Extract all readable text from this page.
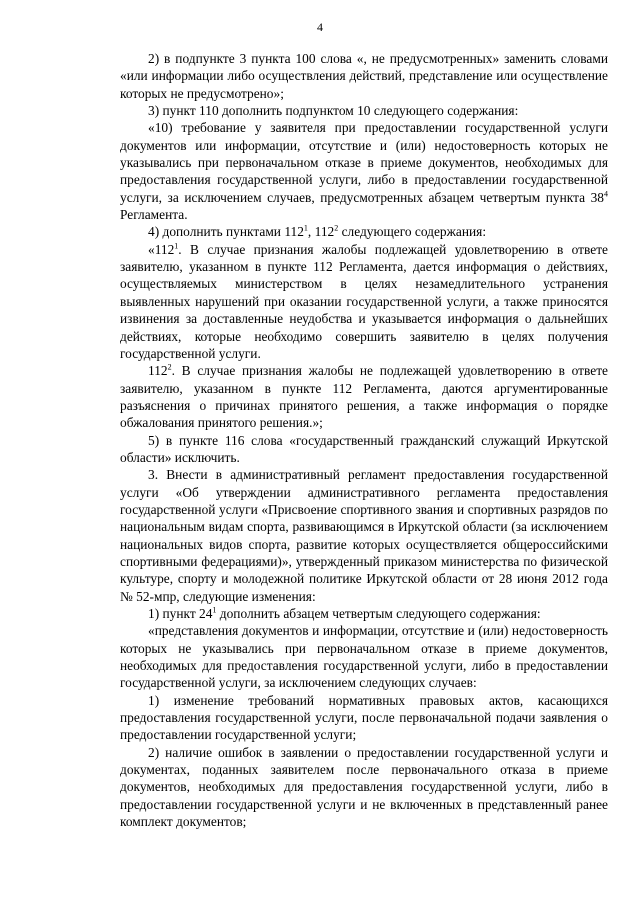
4

2) в подпункте 3 пункта 100 слова «, не предусмотренных» заменить словами «или информации либо осуществления действий, представление или осуществление которых не предусмотрено»;

3) пункт 110 дополнить подпунктом 10 следующего содержания:

«10) требование у заявителя при предоставлении государственной услуги документов или информации, отсутствие и (или) недостоверность которых не указывались при первоначальном отказе в приеме документов, необходимых для предоставления государственной услуги, либо в предоставлении государственной услуги, за исключением случаев, предусмотренных абзацем четвертым пункта $38^4$ Регламента.

4) дополнить пунктами $112^1$, $112^2$ следующего содержания:

«$112^1$. В случае признания жалобы подлежащей удовлетворению в ответе заявителю, указанном в пункте 112 Регламента, дается информация о действиях, осуществляемых министерством в целях незамедлительного устранения выявленных нарушений при оказании государственной услуги, а также приносятся извинения за доставленные неудобства и указывается информация о дальнейших действиях, которые необходимо совершить заявителю в целях получения государственной услуги.

$112^2$. В случае признания жалобы не подлежащей удовлетворению в ответе заявителю, указанном в пункте 112 Регламента, даются аргументированные разъяснения о причинах принятого решения, а также информация о порядке обжалования принятого решения.»;

5) в пункте 116 слова «государственный гражданский служащий Иркутской области» исключить.

3. Внести в административный регламент предоставления государственной услуги «Об утверждении административного регламента предоставления государственной услуги «Присвоение спортивного звания и спортивных разрядов по национальным видам спорта, развивающимся в Иркутской области (за исключением национальных видов спорта, развитие которых осуществляется общероссийскими спортивными федерациями)», утвержденный приказом министерства по физической культуре, спорту и молодежной политике Иркутской области от 28 июня 2012 года № 52-мпр, следующие изменения:

1) пункт $24^1$ дополнить абзацем четвертым следующего содержания:

«представления документов и информации, отсутствие и (или) недостоверность которых не указывались при первоначальном отказе в приеме документов, необходимых для предоставления государственной услуги, либо в предоставлении государственной услуги, за исключением следующих случаев:

1) изменение требований нормативных правовых актов, касающихся предоставления государственной услуги, после первоначальной подачи заявления о предоставлении государственной услуги;

2) наличие ошибок в заявлении о предоставлении государственной услуги и документах, поданных заявителем после первоначального отказа в приеме документов, необходимых для предоставления государственной услуги, либо в предоставлении государственной услуги и не включенных в представленный ранее комплект документов;
